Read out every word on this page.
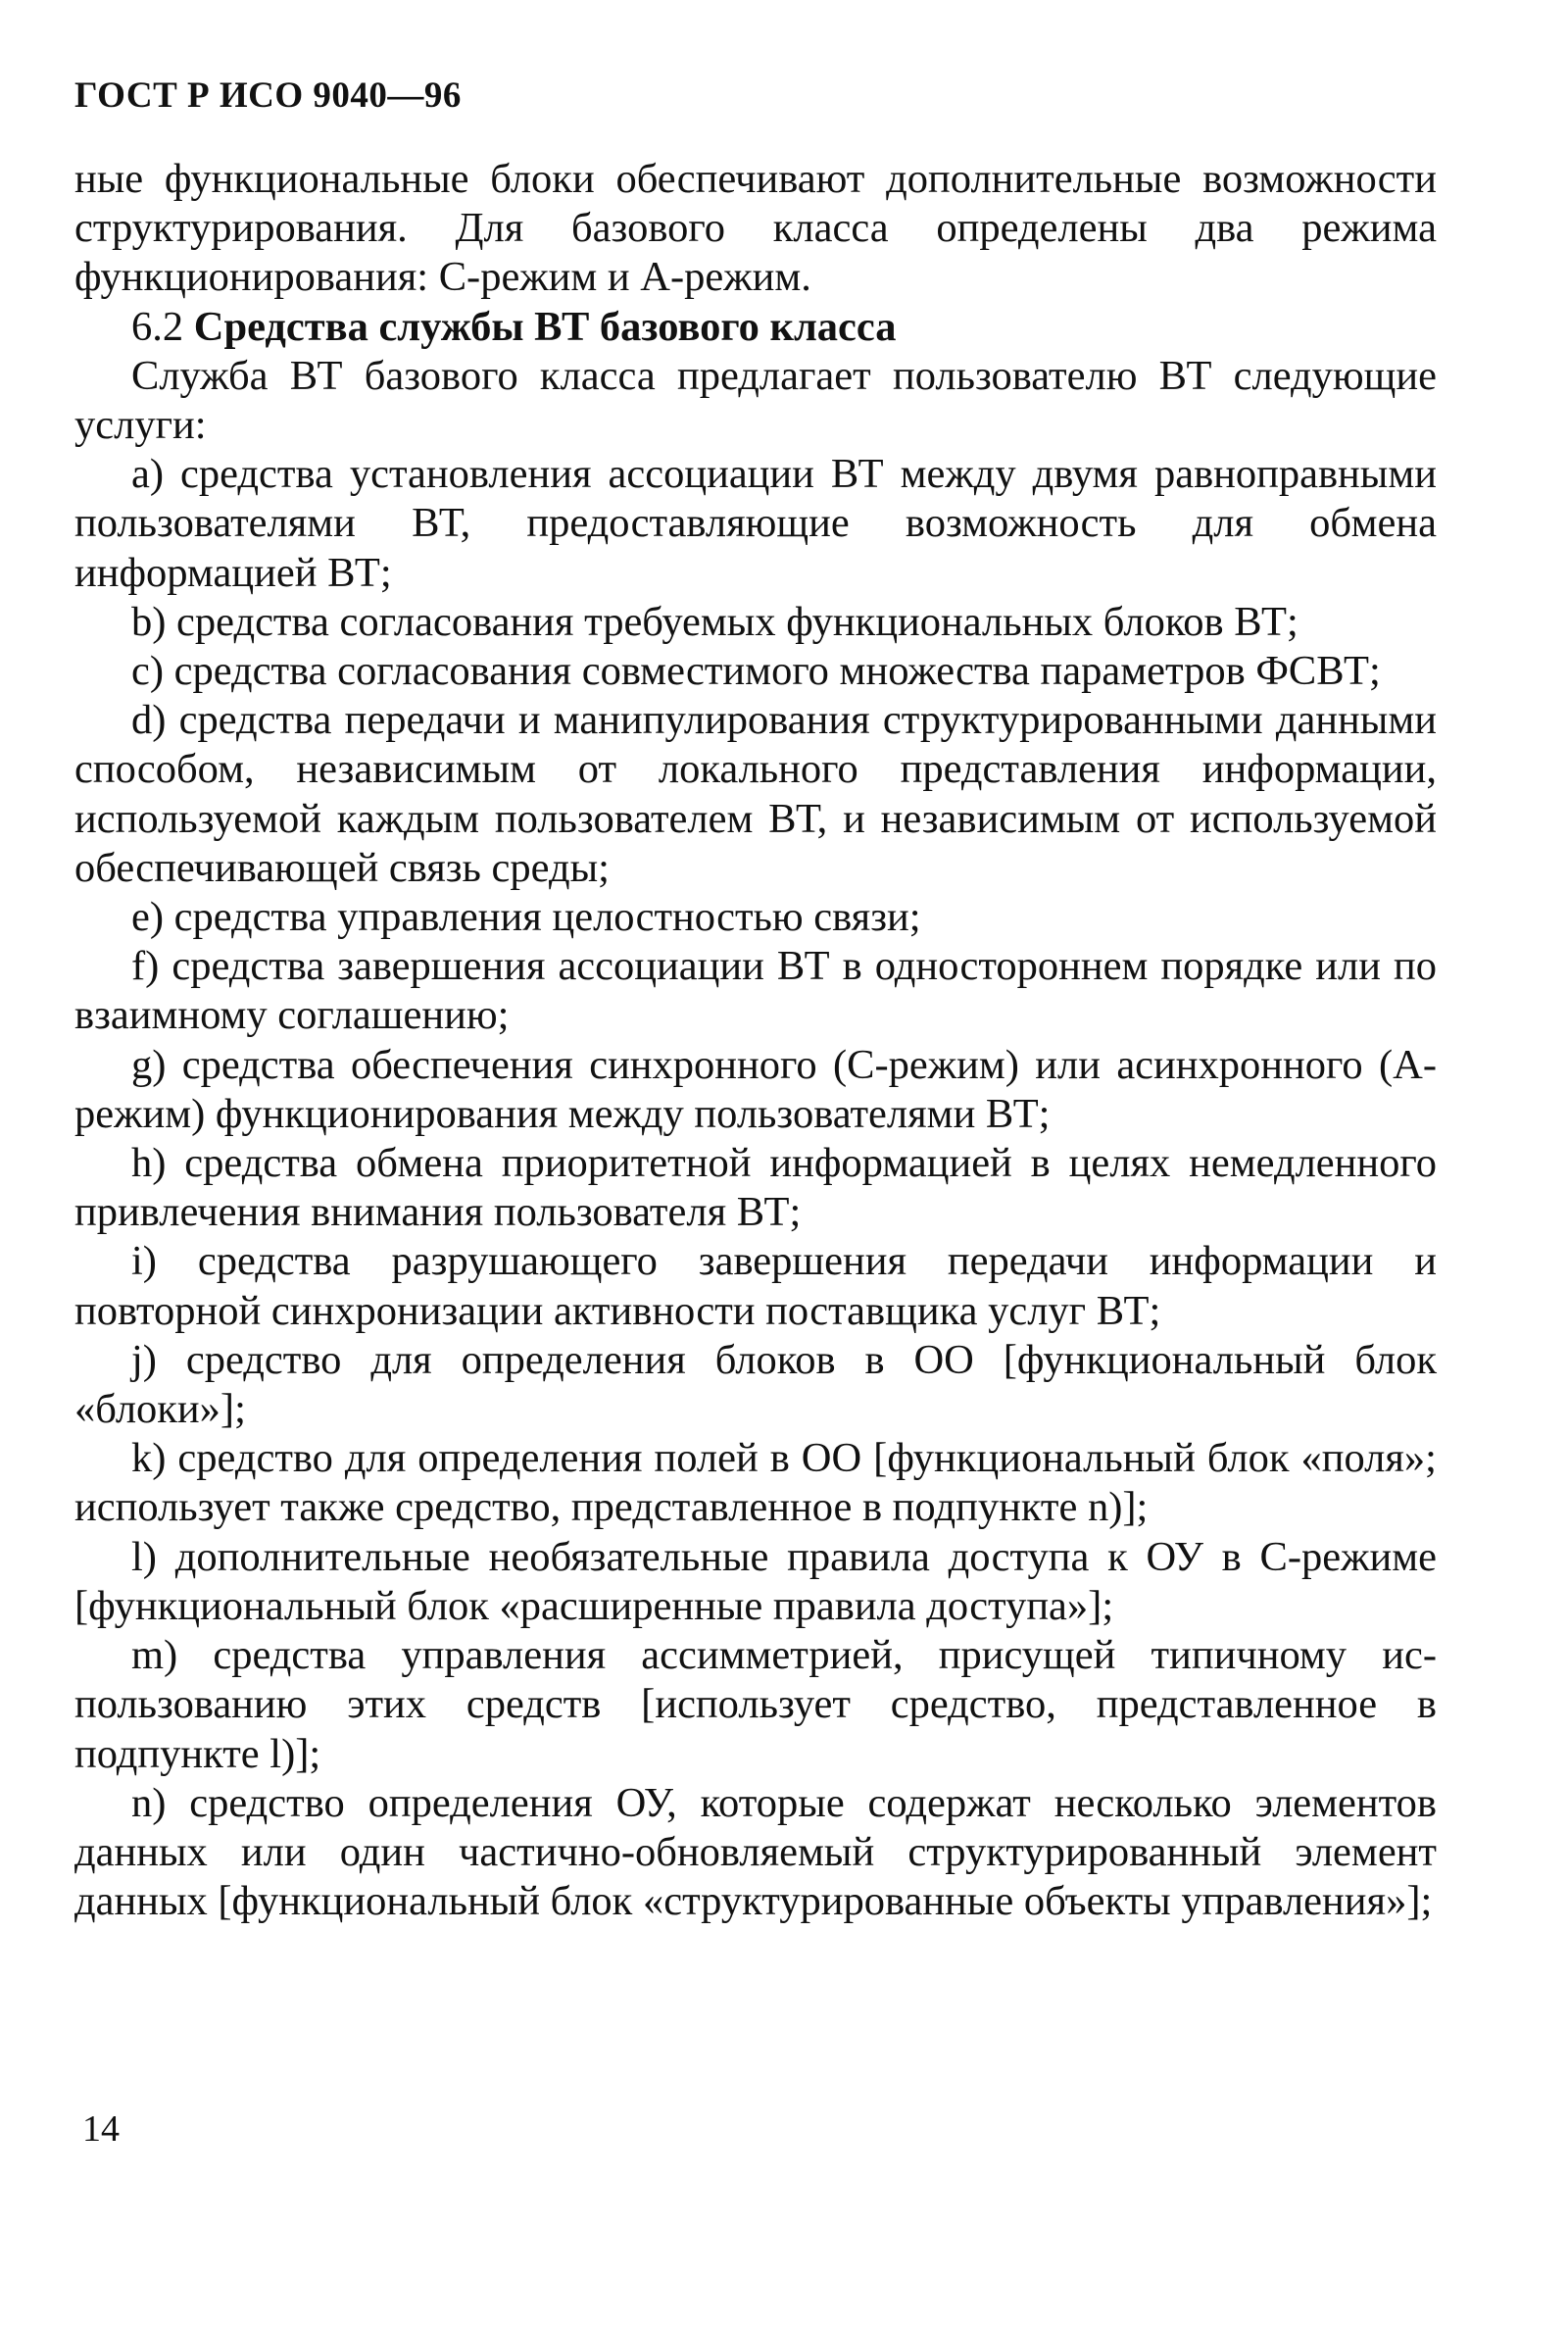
ГОСТ Р ИСО 9040—96

ные функциональные блоки обеспечивают дополнительные возможности структурирования. Для базового класса определены два режима функционирования: С-режим и А-режим.

6.2 Средства службы ВТ базового класса

Служба ВТ базового класса предлагает пользователю ВТ следующие услуги:

а) средства установления ассоциации ВТ между двумя равноправными пользователями ВТ, предоставляющие возможность для обмена информацией ВТ;

b) средства согласования требуемых функциональных блоков ВТ;

с) средства согласования совместимого множества параметров ФСВТ;

d) средства передачи и манипулирования структурированными данными способом, независимым от локального представления информации, используемой каждым пользователем ВТ, и независимым от используемой обеспечивающей связь среды;

е) средства управления целостностью связи;

f) средства завершения ассоциации ВТ в одностороннем порядке или по взаимному соглашению;

g) средства обеспечения синхронного (С-режим) или асинхронного (А-режим) функционирования между пользователями ВТ;

h) средства обмена приоритетной информацией в целях немедленного привлечения внимания пользователя ВТ;

i) средства разрушающего завершения передачи информации и повторной синхронизации активности поставщика услуг ВТ;

j) средство для определения блоков в ОО [функциональный блок «блоки»];

k) средство для определения полей в ОО [функциональный блок «поля»; использует также средство, представленное в подпункте n)];

l) дополнительные необязательные правила доступа к ОУ в С-режиме [функциональный блок «расширенные правила доступа»];

m) средства управления ассимметрией, присущей типичному использованию этих средств [использует средство, представленное в подпункте l)];

n) средство определения ОУ, которые содержат несколько элементов данных или один частично-обновляемый структурированный элемент данных [функциональный блок «структурированные объекты управления»];

14
